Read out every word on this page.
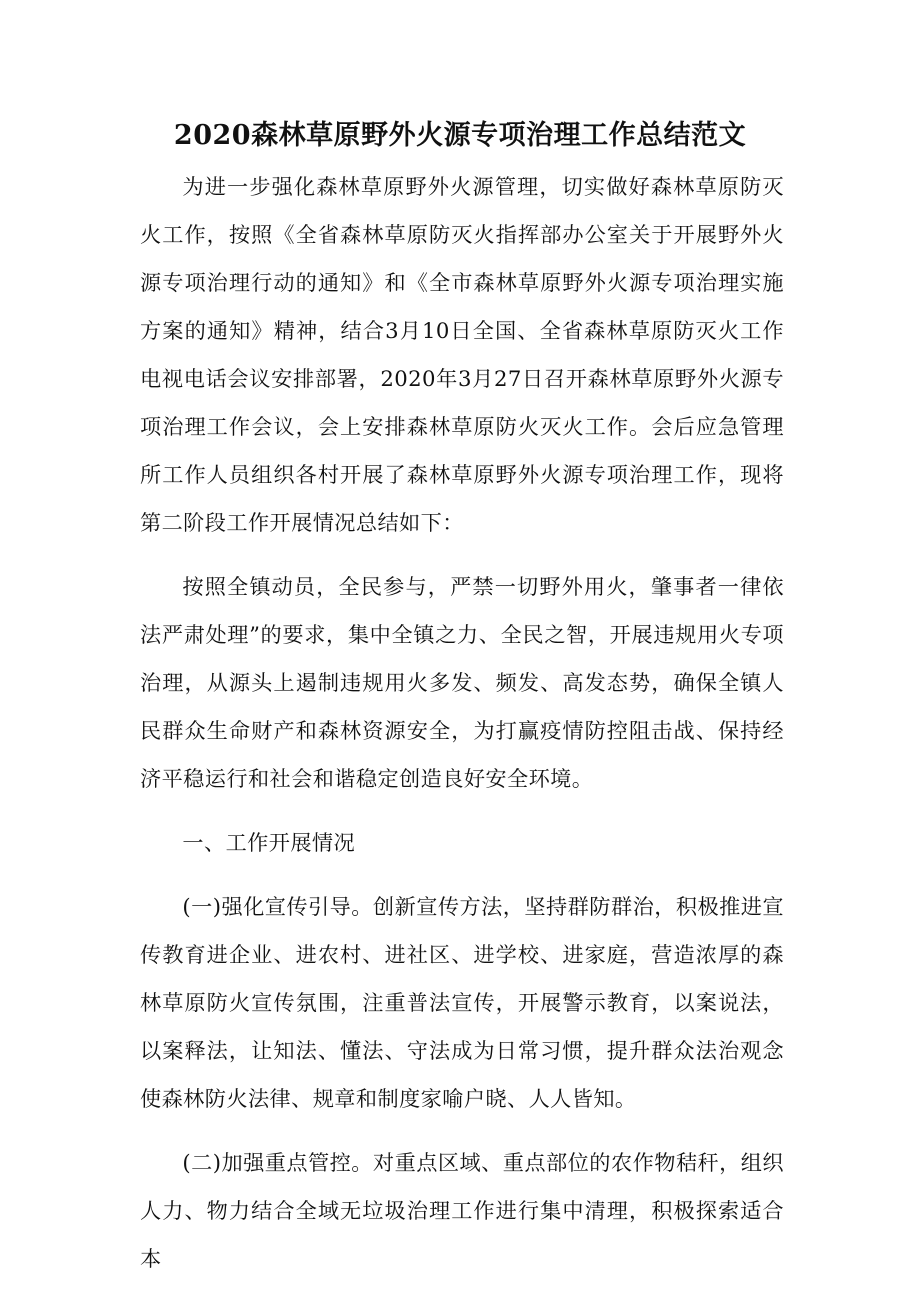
2020森林草原野外火源专项治理工作总结范文

为进一步强化森林草原野外火源管理，切实做好森林草原防灭火工作，按照《全省森林草原防灭火指挥部办公室关于开展野外火源专项治理行动的通知》和《全市森林草原野外火源专项治理实施方案的通知》精神，结合3月10日全国、全省森林草原防灭火工作电视电话会议安排部署，2020年3月27日召开森林草原野外火源专项治理工作会议，会上安排森林草原防火灭火工作。会后应急管理所工作人员组织各村开展了森林草原野外火源专项治理工作，现将第二阶段工作开展情况总结如下：

按照全镇动员，全民参与，严禁一切野外用火，肇事者一律依法严肃处理”的要求，集中全镇之力、全民之智，开展违规用火专项治理，从源头上遏制违规用火多发、频发、高发态势，确保全镇人民群众生命财产和森林资源安全，为打赢疫情防控阻击战、保持经济平稳运行和社会和谐稳定创造良好安全环境。

一、工作开展情况

(一)强化宣传引导。创新宣传方法，坚持群防群治，积极推进宣传教育进企业、进农村、进社区、进学校、进家庭，营造浓厚的森林草原防火宣传氛围，注重普法宣传，开展警示教育，以案说法，以案释法，让知法、懂法、守法成为日常习惯，提升群众法治观念使森林防火法律、规章和制度家喻户晓、人人皆知。

(二)加强重点管控。对重点区域、重点部位的农作物秸秆，组织人力、物力结合全域无垃圾治理工作进行集中清理，积极探索适合本
